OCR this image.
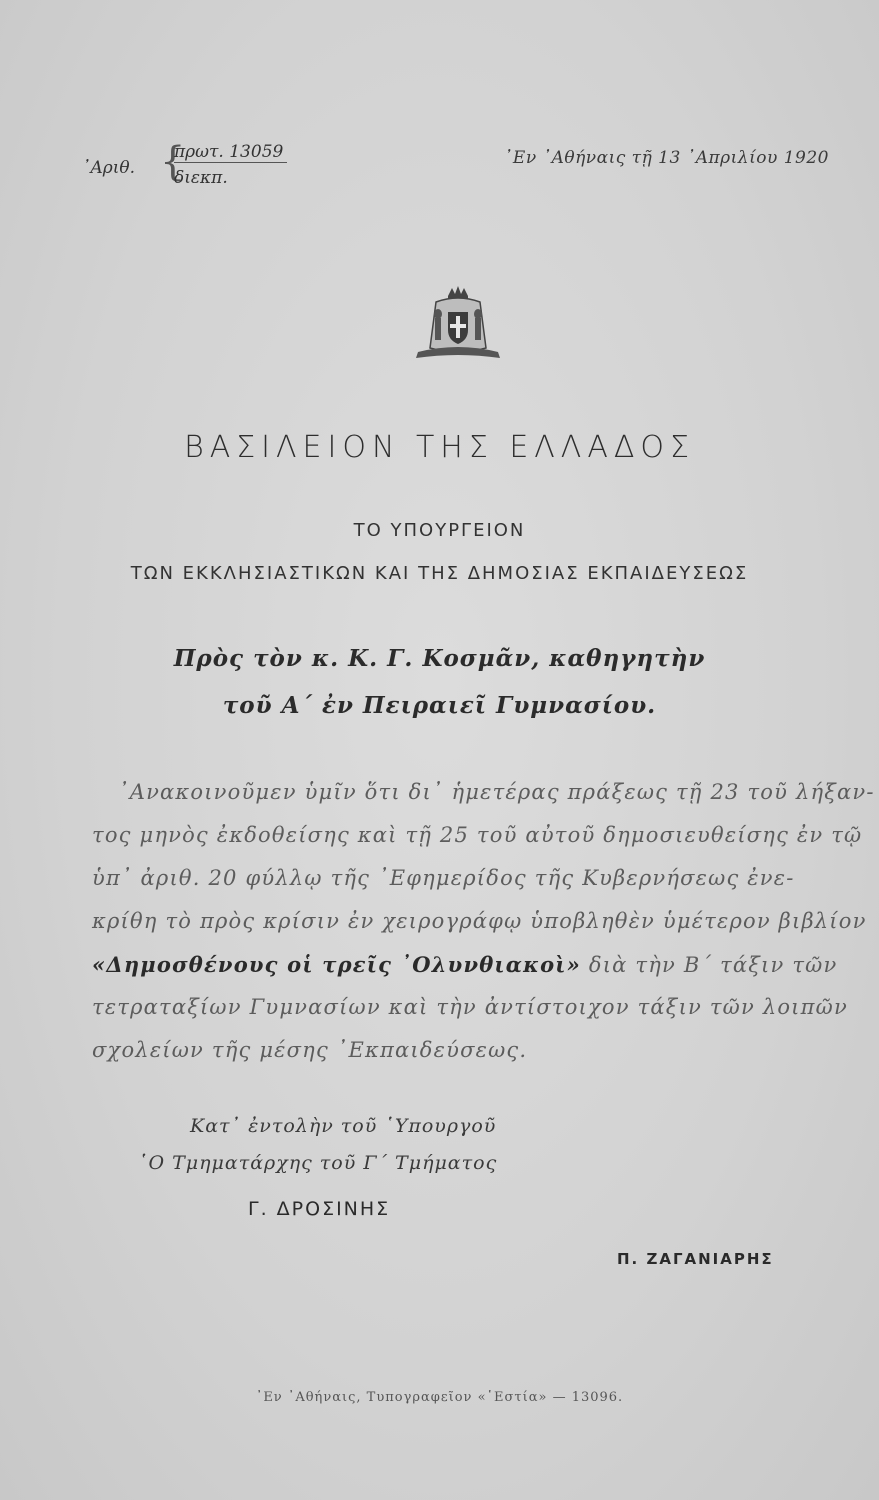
᾿Αριθ. {
πρωτ. 13059
διεκπ.
᾿Εν ᾿Αθήναις τῇ 13 ᾿Απριλίου 1920
ΒΑΣΙΛΕΙΟΝ ΤΗΣ ΕΛΛΑΔΟΣ
ΤΟ ΥΠΟΥΡΓΕΙΟΝ
ΤΩΝ ΕΚΚΛΗΣΙΑΣΤΙΚΩΝ ΚΑΙ ΤΗΣ ΔΗΜΟΣΙΑΣ ΕΚΠΑΙΔΕΥΣΕΩΣ
Πρὸς τὸν κ. Κ. Γ. Κοσμᾶν, καθηγητὴν
τοῦ Α΄ ἐν Πειραιεῖ Γυμνασίου.
᾿Ανακοινοῦμεν ὑμῖν ὅτι δι᾿ ἡμετέρας πράξεως τῇ 23 τοῦ λήξαν-
τος μηνὸς ἐκδοθείσης καὶ τῇ 25 τοῦ αὐτοῦ δημοσιευθείσης ἐν τῷ
ὑπ᾿ ἀριθ. 20 φύλλῳ τῆς ᾿Εφημερίδος τῆς Κυβερνήσεως ἐνε-
κρίθη τὸ πρὸς κρίσιν ἐν χειρογράφῳ ὑποβληθὲν ὑμέτερον βιβλίον
«Δημοσθένους οἱ τρεῖς ᾿Ολυνθιακοὶ» διὰ τὴν Β΄ τάξιν τῶν
τετραταξίων Γυμνασίων καὶ τὴν ἀντίστοιχον τάξιν τῶν λοιπῶν
σχολείων τῆς μέσης ᾿Εκπαιδεύσεως.
Κατ᾿ ἐντολὴν τοῦ ῾Υπουργοῦ
῾Ο Τμηματάρχης τοῦ Γ΄ Τμήματος
Γ. ΔΡΟΣΙΝΗΣ
Π. ΖΑΓΑΝΙΑΡΗΣ
᾿Εν ᾿Αθήναις, Τυπογραφεῖον «῾Εστία» — 13096.
